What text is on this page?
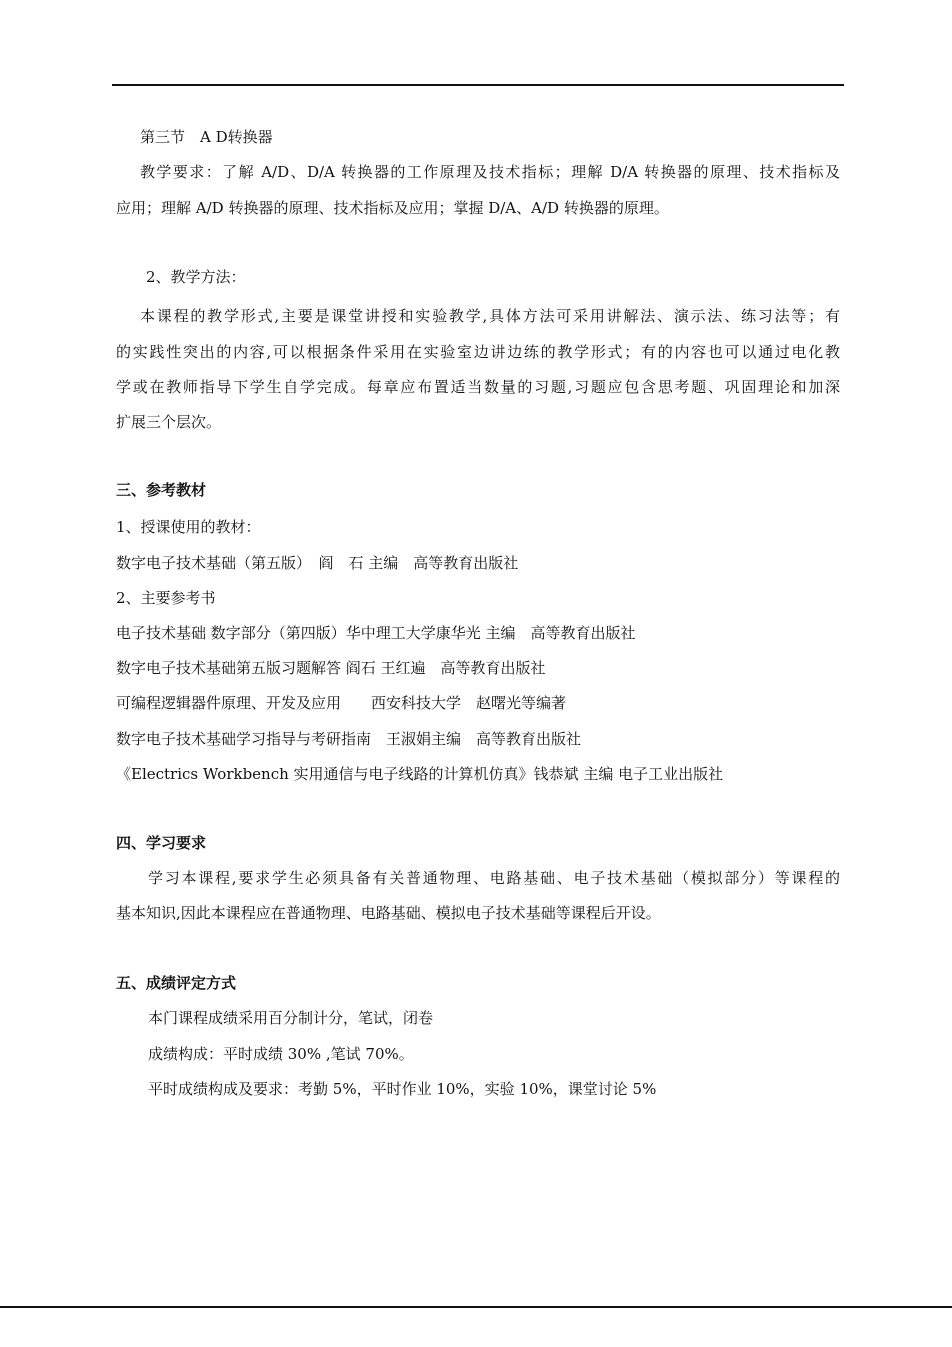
第三节　A D转换器
教学要求：了解 A/D、D/A 转换器的工作原理及技术指标；理解 D/A 转换器的原理、技术指标及
应用；理解 A/D 转换器的原理、技术指标及应用；掌握 D/A、A/D 转换器的原理。
2、教学方法：
本课程的教学形式,主要是课堂讲授和实验教学,具体方法可采用讲解法、演示法、练习法等；有
的实践性突出的内容,可以根据条件采用在实验室边讲边练的教学形式；有的内容也可以通过电化教
学或在教师指导下学生自学完成。每章应布置适当数量的习题,习题应包含思考题、巩固理论和加深
扩展三个层次。
三、参考教材
1、授课使用的教材：
数字电子技术基础（第五版）　阎　石 主编　高等教育出版社
2、主要参考书
电子技术基础 数字部分（第四版）华中理工大学康华光 主编　高等教育出版社
数字电子技术基础第五版习题解答 阎石 王红遍　高等教育出版社
可编程逻辑器件原理、开发及应用　　西安科技大学　赵曙光等编著
数字电子技术基础学习指导与考研指南　王淑娟主编　高等教育出版社
《Electrics Workbench 实用通信与电子线路的计算机仿真》钱恭斌 主编 电子工业出版社
四、学习要求
学习本课程,要求学生必须具备有关普通物理、电路基础、电子技术基础（模拟部分）等课程的
基本知识,因此本课程应在普通物理、电路基础、模拟电子技术基础等课程后开设。
五、成绩评定方式
本门课程成绩采用百分制计分，笔试，闭卷
成绩构成：平时成绩 30% ,笔试 70%。
平时成绩构成及要求：考勤 5%，平时作业 10%，实验 10%，课堂讨论 5%
